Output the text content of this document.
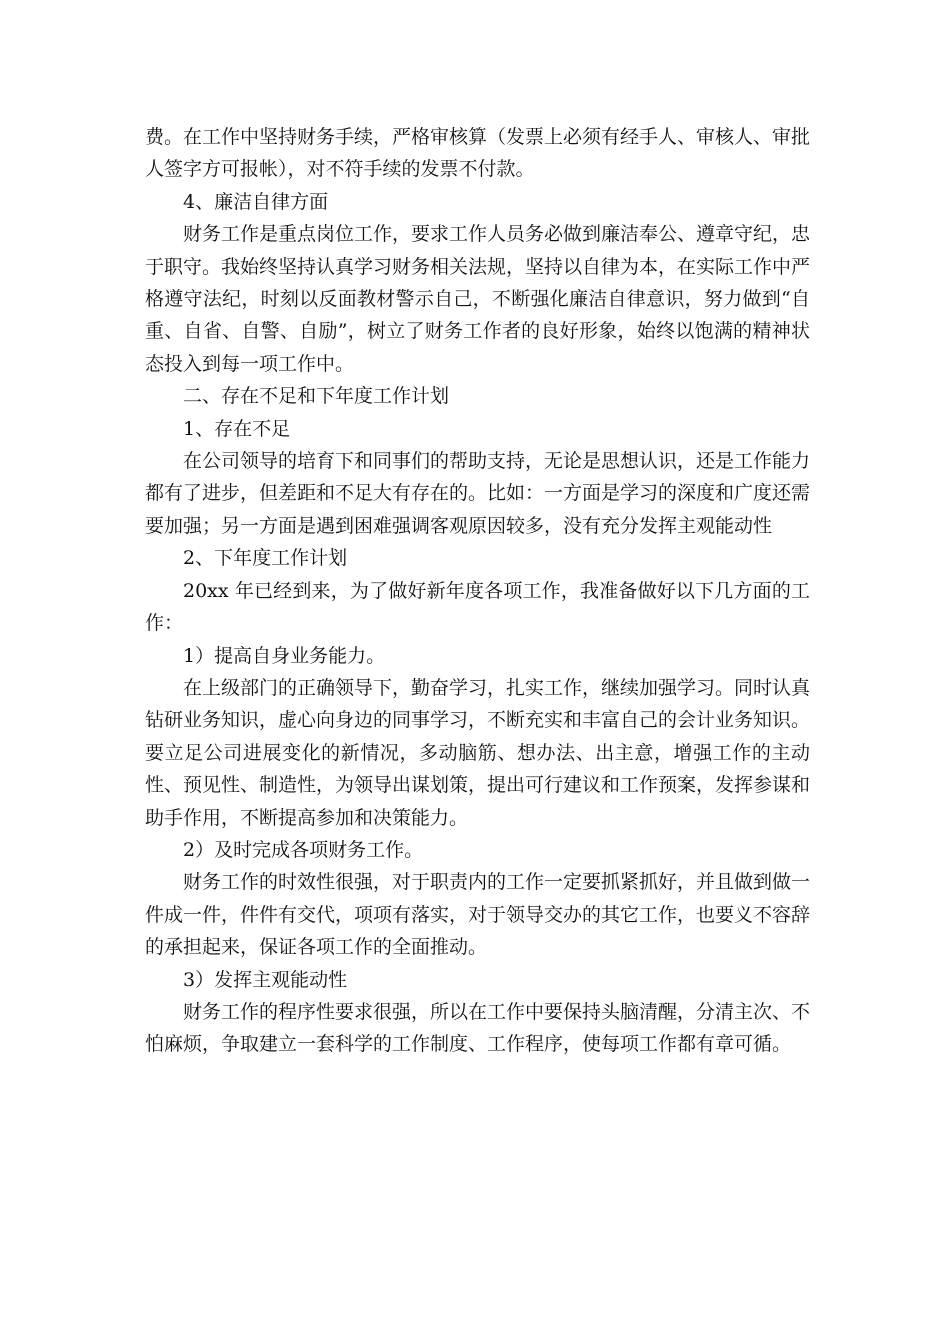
费。在工作中坚持财务手续，严格审核算（发票上必须有经手人、审核人、审批人签字方可报帐），对不符手续的发票不付款。

4、廉洁自律方面

财务工作是重点岗位工作，要求工作人员务必做到廉洁奉公、遵章守纪，忠于职守。我始终坚持认真学习财务相关法规，坚持以自律为本，在实际工作中严格遵守法纪，时刻以反面教材警示自己，不断强化廉洁自律意识，努力做到“自重、自省、自警、自励”，树立了财务工作者的良好形象，始终以饱满的精神状态投入到每一项工作中。

二、存在不足和下年度工作计划

1、存在不足

在公司领导的培育下和同事们的帮助支持，无论是思想认识，还是工作能力都有了进步，但差距和不足大有存在的。比如：一方面是学习的深度和广度还需要加强；另一方面是遇到困难强调客观原因较多，没有充分发挥主观能动性

2、下年度工作计划

20xx 年已经到来，为了做好新年度各项工作，我准备做好以下几方面的工作：

1）提高自身业务能力。

在上级部门的正确领导下，勤奋学习，扎实工作，继续加强学习。同时认真钻研业务知识，虚心向身边的同事学习，不断充实和丰富自己的会计业务知识。要立足公司进展变化的新情况，多动脑筋、想办法、出主意，增强工作的主动性、预见性、制造性，为领导出谋划策，提出可行建议和工作预案，发挥参谋和助手作用，不断提高参加和决策能力。

2）及时完成各项财务工作。

财务工作的时效性很强，对于职责内的工作一定要抓紧抓好，并且做到做一件成一件，件件有交代，项项有落实，对于领导交办的其它工作，也要义不容辞的承担起来，保证各项工作的全面推动。

3）发挥主观能动性

财务工作的程序性要求很强，所以在工作中要保持头脑清醒，分清主次、不怕麻烦，争取建立一套科学的工作制度、工作程序，使每项工作都有章可循。
